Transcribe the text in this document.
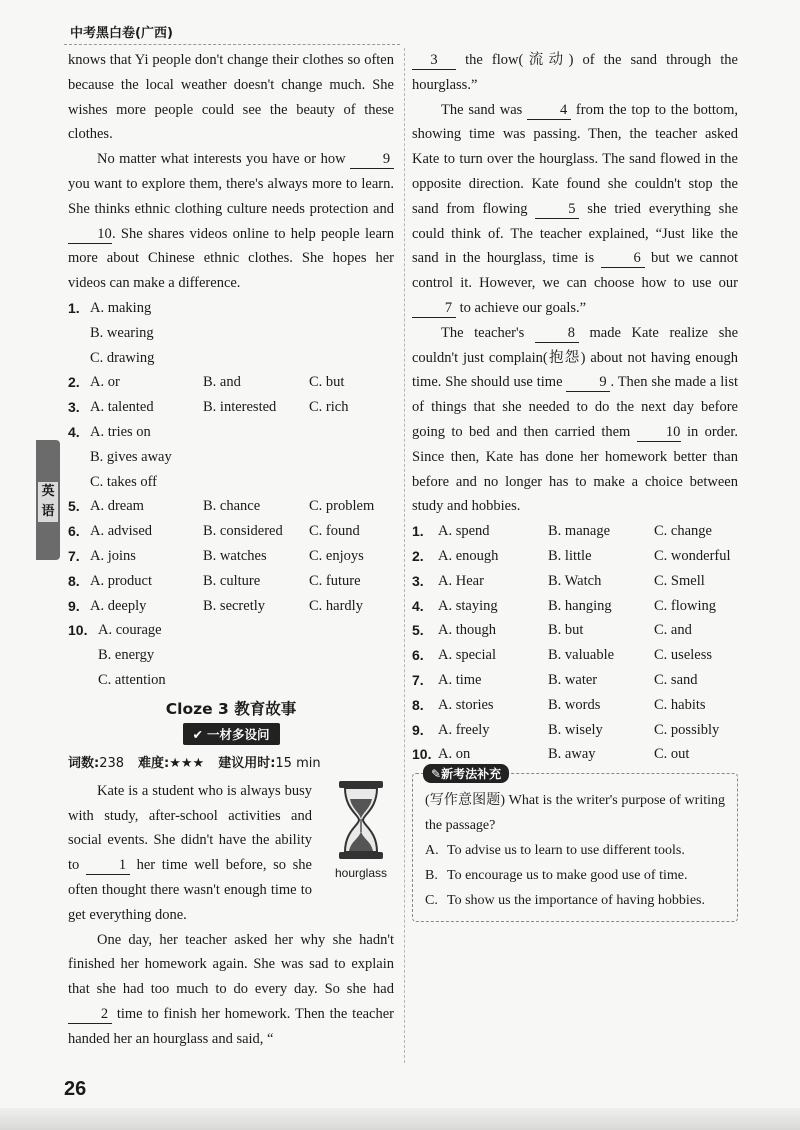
中考黑白卷(广西)
英语

knows that Yi people don't change their clothes so often because the local weather doesn't change much. She wishes more people could see the beauty of these clothes.

No matter what interests you have or how	9 you want to explore them, there's always more to learn. She thinks ethnic clothing culture needs protection and 10. She shares videos online to help people learn more about Chinese ethnic clothes. She hopes her videos can make a difference.

1. A. making
B. wearing
C. drawing
2. A. or	B. and	C. but
3. A. talented	B. interested	C. rich
4. A. tries on
B. gives away
C. takes off
5. A. dream	B. chance	C. problem
6. A. advised	B. considered	C. found
7. A. joins	B. watches	C. enjoys
8. A. product	B. culture	C. future
9. A. deeply	B. secretly	C. hardly
10. A. courage
B. energy
C. attention
Cloze 3 教育故事
✔ 一材多设问
词数:238 难度:★★★ 建议用时:15 min
hourglass

Kate is a student who is always busy with study, after-school activities and social events. She didn't have the ability to	1 her time well before, so she often thought there wasn't enough time to get everything done.

One day, her teacher asked her why she hadn't finished her homework again. She was sad to explain that she had too much to do every day. So she had 2 time to finish her homework. Then the teacher handed her an hourglass and said, “

3 the flow(流动) of the sand through the hourglass.”

The sand was	4 from the top to the bottom, showing time was passing. Then, the teacher asked Kate to turn over the hourglass. The sand flowed in the opposite direction. Kate found she couldn't stop the sand from flowing	5 she tried everything she could think of. The teacher explained, “Just like the sand in the hourglass, time is	6 but we cannot control it. However, we can choose how to use our 7 to achieve our goals.”

The teacher's	8 made Kate realize she couldn't just complain(抱怨) about not having enough time. She should use time	9 . Then she made a list of things that she needed to do the next day before going to bed and then carried them 10 in order. Since then, Kate has done her homework better than before and no longer has to make a choice between study and hobbies.

1. A. spend	B. manage	C. change
2. A. enough	B. little	C. wonderful
3. A. Hear	B. Watch	C. Smell
4. A. staying	B. hanging	C. flowing
5. A. though	B. but	C. and
6. A. special	B. valuable	C. useless
7. A. time	B. water	C. sand
8. A. stories	B. words	C. habits
9. A. freely	B. wisely	C. possibly
10. A. on	B. away	C. out
✎新考法补充

(写作意图题) What is the writer's purpose of writing the passage?

A. To advise us to learn to use different tools.
B. To encourage us to make good use of time.
C. To show us the importance of having hobbies.
26
